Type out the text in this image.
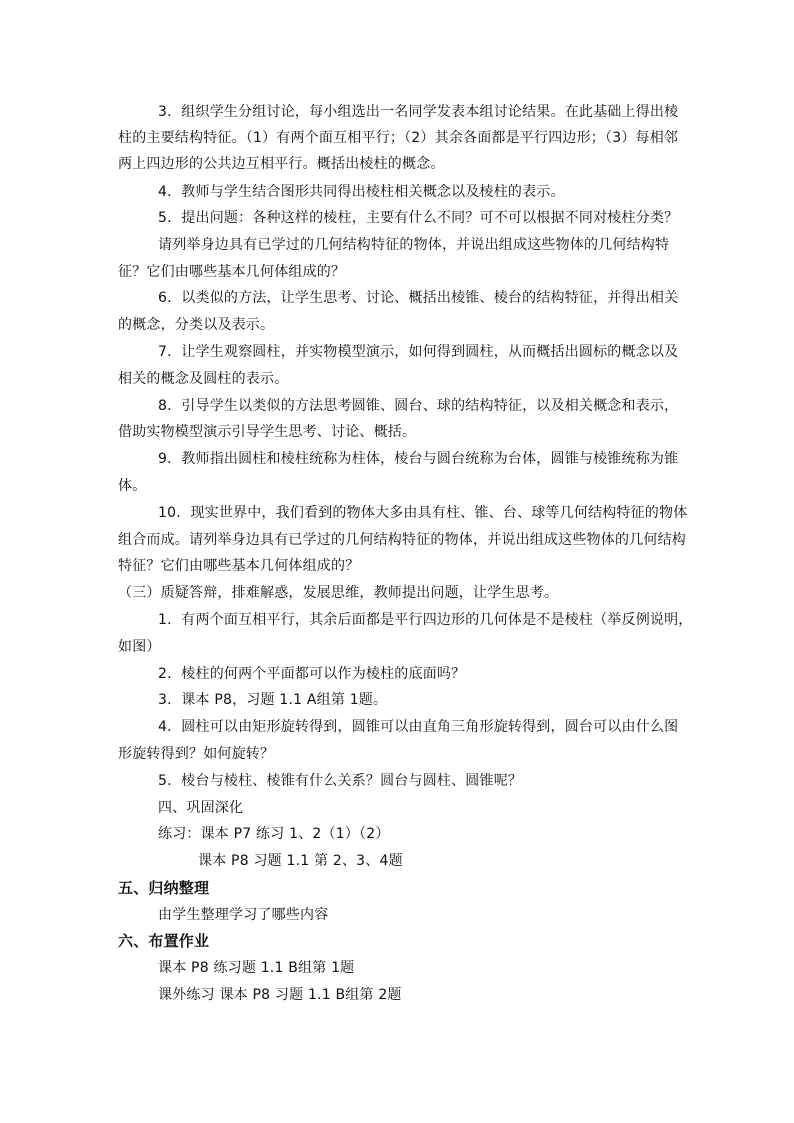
3．组织学生分组讨论，每小组选出一名同学发表本组讨论结果。在此基础上得出棱
柱的主要结构特征。（1）有两个面互相平行；（2）其余各面都是平行四边形；（3）每相邻
两上四边形的公共边互相平行。概括出棱柱的概念。
4．教师与学生结合图形共同得出棱柱相关概念以及棱柱的表示。
5．提出问题：各种这样的棱柱，主要有什么不同？可不可以根据不同对棱柱分类？
请列举身边具有已学过的几何结构特征的物体，并说出组成这些物体的几何结构特
征？它们由哪些基本几何体组成的？
6．以类似的方法，让学生思考、讨论、概括出棱锥、棱台的结构特征，并得出相关
的概念，分类以及表示。
7．让学生观察圆柱，并实物模型演示，如何得到圆柱，从而概括出圆标的概念以及
相关的概念及圆柱的表示。
8．引导学生以类似的方法思考圆锥、圆台、球的结构特征，以及相关概念和表示，
借助实物模型演示引导学生思考、讨论、概括。
9．教师指出圆柱和棱柱统称为柱体，棱台与圆台统称为台体，圆锥与棱锥统称为锥
体。
10．现实世界中，我们看到的物体大多由具有柱、锥、台、球等几何结构特征的物体
组合而成。请列举身边具有已学过的几何结构特征的物体，并说出组成这些物体的几何结构
特征？它们由哪些基本几何体组成的？
（三）质疑答辩，排难解惑，发展思维，教师提出问题，让学生思考。
1．有两个面互相平行，其余后面都是平行四边形的几何体是不是棱柱（举反例说明，
如图）
2．棱柱的何两个平面都可以作为棱柱的底面吗？
3．课本 P8，习题 1.1 A组第 1题。
4．圆柱可以由矩形旋转得到，圆锥可以由直角三角形旋转得到，圆台可以由什么图
形旋转得到？如何旋转？
5．棱台与棱柱、棱锥有什么关系？圆台与圆柱、圆锥呢？
四、巩固深化
练习：课本 P7 练习 1、2（1）（2）
课本 P8 习题 1.1 第 2、3、4题
五、归纳整理
由学生整理学习了哪些内容
六、布置作业
课本 P8 练习题 1.1 B组第 1题
课外练习 课本 P8 习题 1.1 B组第 2题
